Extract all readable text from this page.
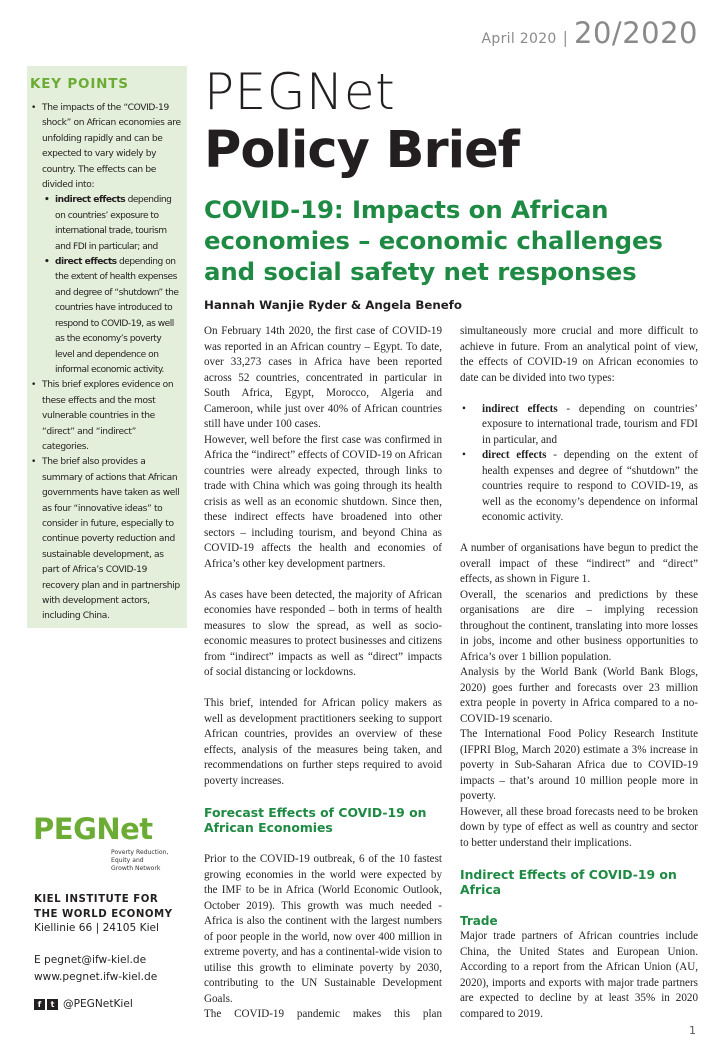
April 2020 | 20/2020
KEY POINTS
• The impacts of the “COVID-19 shock” on African economies are unfolding rapidly and can be expected to vary widely by country. The effects can be divided into:
• indirect effects depending on countries’ exposure to international trade, tourism and FDI in particular; and
• direct effects depending on the extent of health expenses and degree of “shutdown” the countries have introduced to respond to COVID-19, as well as the economy’s poverty level and dependence on informal economic activity.
• This brief explores evidence on these effects and the most vulnerable countries in the “direct” and “indirect” categories.
• The brief also provides a summary of actions that African governments have taken as well as four “innovative ideas” to consider in future, especially to continue poverty reduction and sustainable development, as part of Africa’s COVID-19 recovery plan and in partnership with development actors, including China.
PEGNet
Policy Brief
COVID-19: Impacts on African economies – economic challenges and social safety net responses
Hannah Wanjie Ryder & Angela Benefo

On February 14th 2020, the first case of COVID-19 was reported in an African country – Egypt. To date, over 33,273 cases in Africa have been reported across 52 countries, concentrated in particular in South Africa, Egypt, Morocco, Algeria and Cameroon, while just over 40% of African countries still have under 100 cases.

However, well before the first case was confirmed in Africa the “indirect” effects of COVID-19 on African countries were already expected, through links to trade with China which was going through its health crisis as well as an economic shutdown. Since then, these indirect effects have broadened into other sectors – including tourism, and beyond China as COVID-19 affects the health and economies of Africa’s other key development partners.

As cases have been detected, the majority of African economies have responded – both in terms of health measures to slow the spread, as well as socio-economic measures to protect businesses and citizens from “indirect” impacts as well as “direct” impacts of social distancing or lockdowns.

This brief, intended for African policy makers as well as development practitioners seeking to support African countries, provides an overview of these effects, analysis of the measures being taken, and recommendations on further steps required to avoid poverty increases.

Forecast Effects of COVID-19 on African Economies

Prior to the COVID-19 outbreak, 6 of the 10 fastest growing economies in the world were expected by the IMF to be in Africa (World Economic Outlook, October 2019). This growth was much needed - Africa is also the continent with the largest numbers of poor people in the world, now over 400 million in extreme poverty, and has a continental-wide vision to utilise this growth to eliminate poverty by 2030, contributing to the UN Sustainable Development Goals.

The COVID-19 pandemic makes this plan

simultaneously more crucial and more difficult to achieve in future. From an analytical point of view, the effects of COVID-19 on African economies to date can be divided into two types:

• indirect effects - depending on countries’ exposure to international trade, tourism and FDI in particular, and
• direct effects - depending on the extent of health expenses and degree of “shutdown” the countries require to respond to COVID-19, as well as the economy’s dependence on informal economic activity.

A number of organisations have begun to predict the overall impact of these “indirect” and “direct” effects, as shown in Figure 1.

Overall, the scenarios and predictions by these organisations are dire – implying recession throughout the continent, translating into more losses in jobs, income and other business opportunities to Africa’s over 1 billion population.

Analysis by the World Bank (World Bank Blogs, 2020) goes further and forecasts over 23 million extra people in poverty in Africa compared to a no-COVID-19 scenario.

The International Food Policy Research Institute (IFPRI Blog, March 2020) estimate a 3% increase in poverty in Sub-Saharan Africa due to COVID-19 impacts – that’s around 10 million people more in poverty.

However, all these broad forecasts need to be broken down by type of effect as well as country and sector to better understand their implications.

Indirect Effects of COVID-19 on Africa
Trade

Major trade partners of African countries include China, the United States and European Union. According to a report from the African Union (AU, 2020), imports and exports with major trade partners are expected to decline by at least 35% in 2020 compared to 2019.

PEGNet
Poverty Reduction,
Equity and
Growth Network
KIEL INSTITUTE FOR
THE WORLD ECONOMY
Kiellinie 66 | 24105 Kiel
E pegnet@ifw-kiel.de
www.pegnet.ifw-kiel.de
f	t @PEGNetKiel
1
